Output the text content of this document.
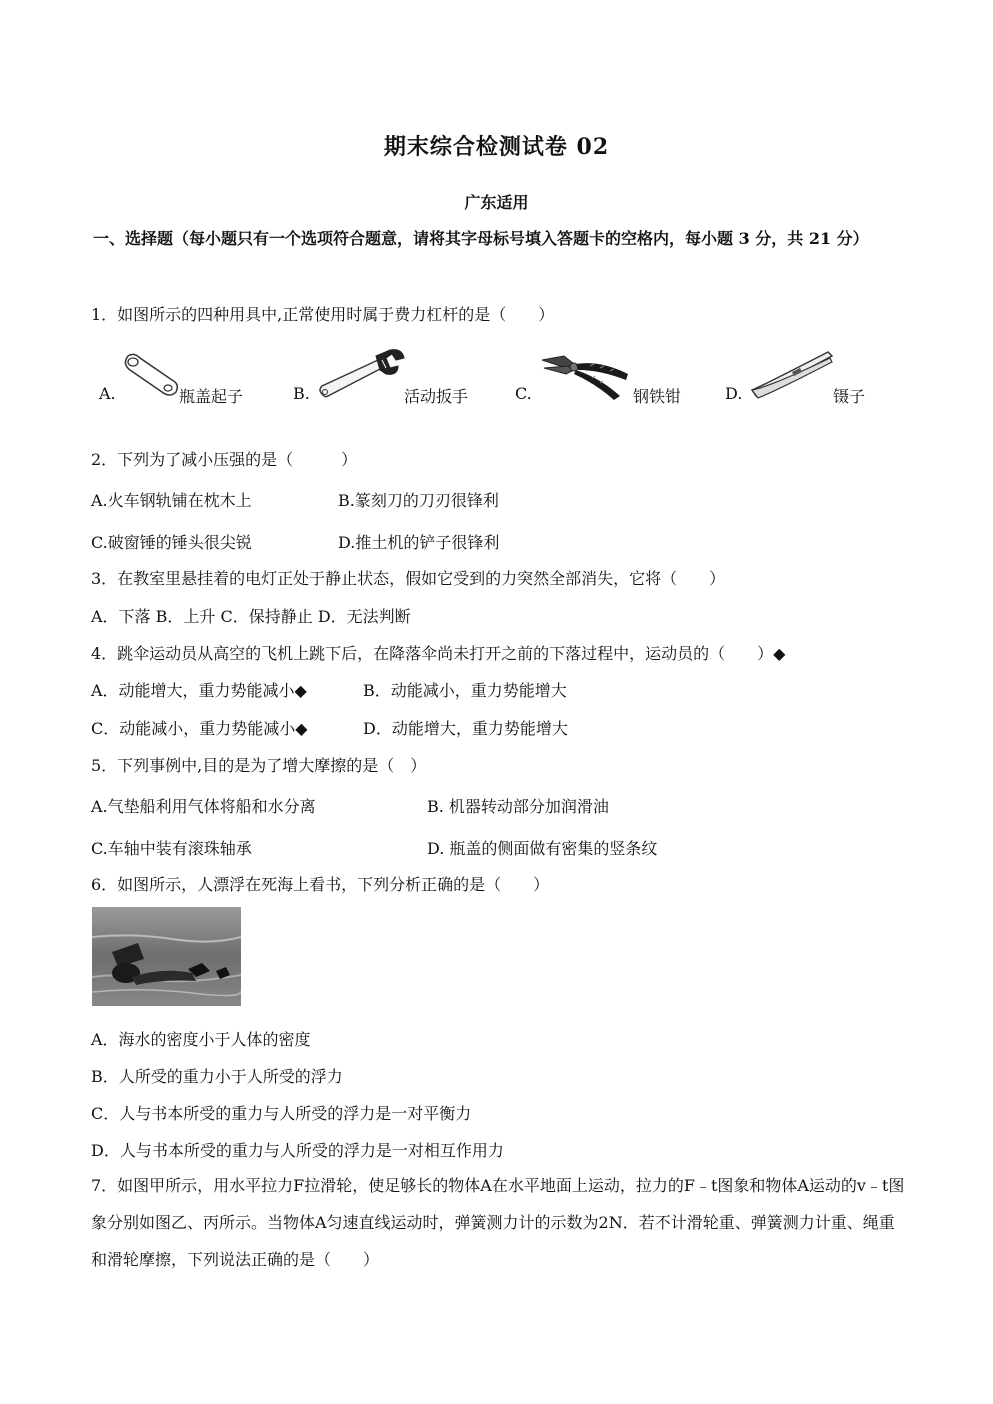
期末综合检测试卷 02
广东适用
一、选择题（每小题只有一个选项符合题意，请将其字母标号填入答题卡的空格内，每小题 3 分，共 21 分）
1．如图所示的四种用具中,正常使用时属于费力杠杆的是（　　）
A.	瓶盖起子	B.	活动扳手	C.	钢铁钳	D.	镊子
2．下列为了减小压强的是（　　　）
A.火车钢轨铺在枕木上	B.篆刻刀的刀刃很锋利
C.破窗锤的锤头很尖锐	D.推土机的铲子很锋利
3．在教室里悬挂着的电灯正处于静止状态，假如它受到的力突然全部消失，它将（　　）
A．下落 B．上升 C．保持静止 D．无法判断
4．跳伞运动员从高空的飞机上跳下后，在降落伞尚未打开之前的下落过程中，运动员的（　　）◆
A．动能增大，重力势能减小◆	B．动能减小，重力势能增大
C．动能减小，重力势能减小◆	D．动能增大，重力势能增大
5．下列事例中,目的是为了增大摩擦的是（　）
A.气垫船利用气体将船和水分离	B. 机器转动部分加润滑油
C.车轴中装有滚珠轴承	D. 瓶盖的侧面做有密集的竖条纹
6．如图所示，人漂浮在死海上看书，下列分析正确的是（　　）
A．海水的密度小于人体的密度
B．人所受的重力小于人所受的浮力
C．人与书本所受的重力与人所受的浮力是一对平衡力
D．人与书本所受的重力与人所受的浮力是一对相互作用力
7．如图甲所示，用水平拉力F拉滑轮，使足够长的物体A在水平地面上运动，拉力的F﹣t图象和物体A运动的v﹣t图象分别如图乙、丙所示。当物体A匀速直线运动时，弹簧测力计的示数为2N．若不计滑轮重、弹簧测力计重、绳重和滑轮摩擦，下列说法正确的是（　　）
